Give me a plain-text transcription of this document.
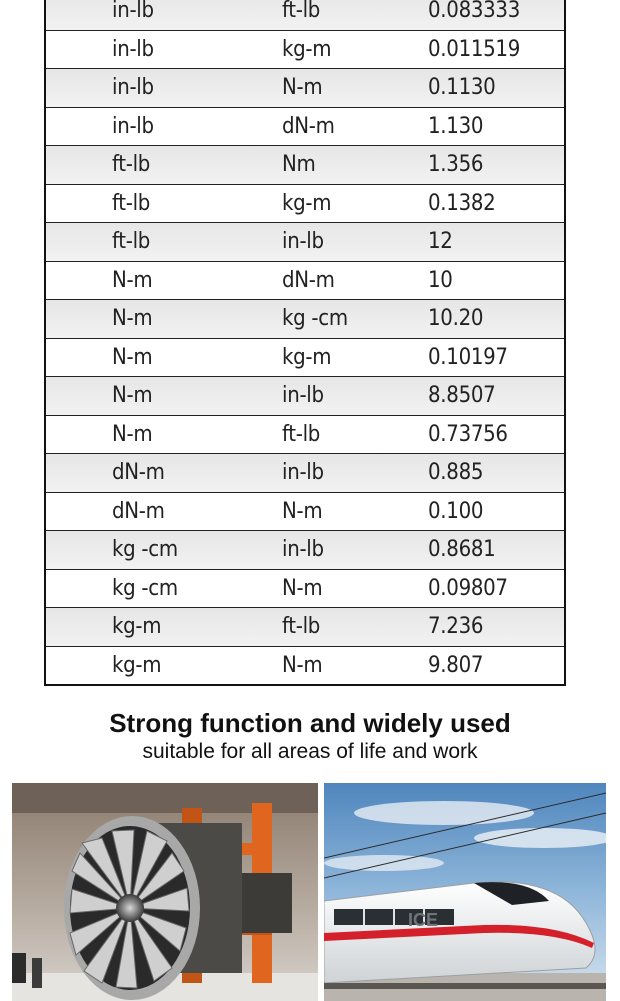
in-lb	ft-lb	0.083333
in-lb	kg-m	0.011519
in-lb	N-m	0.1130
in-lb	dN-m	1.130
ft-lb	Nm	1.356
ft-lb	kg-m	0.1382
ft-lb	in-lb	12
N-m	dN-m	10
N-m	kg -cm	10.20
N-m	kg-m	0.10197
N-m	in-lb	8.8507
N-m	ft-lb	0.73756
dN-m	in-lb	0.885
dN-m	N-m	0.100
kg -cm	in-lb	0.8681
kg -cm	N-m	0.09807
kg-m	ft-lb	7.236
kg-m	N-m	9.807
Strong function and widely used

suitable for all areas of life and work

ICE
